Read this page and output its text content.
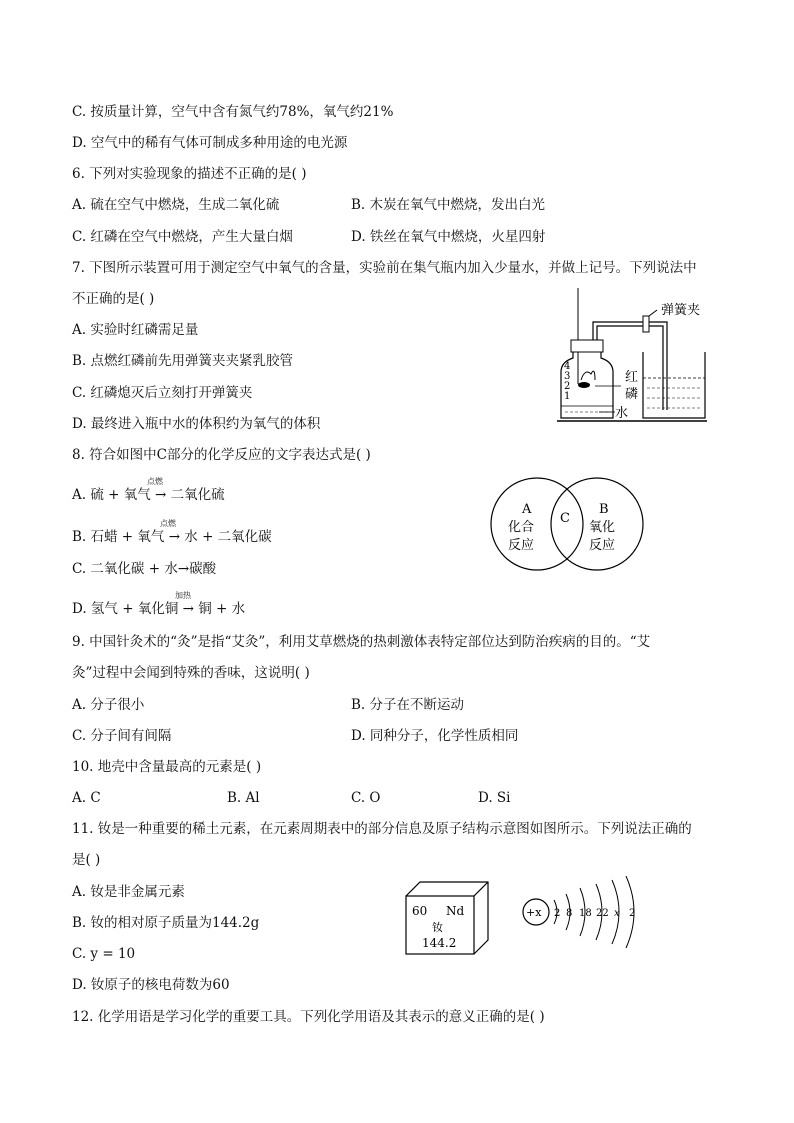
C. 按质量计算，空气中含有氮气约78%，氧气约21%
D. 空气中的稀有气体可制成多种用途的电光源
6. 下列对实验现象的描述不正确的是( )
A. 硫在空气中燃烧，生成二氧化硫	B. 木炭在氧气中燃烧，发出白光
C. 红磷在空气中燃烧，产生大量白烟	D. 铁丝在氧气中燃烧，火星四射
7. 下图所示装置可用于测定空气中氧气的含量，实验前在集气瓶内加入少量水，并做上记号。下列说法中
不正确的是( )
A. 实验时红磷需足量
B. 点燃红磷前先用弹簧夹夹紧乳胶管
C. 红磷熄灭后立刻打开弹簧夹
D. 最终进入瓶中水的体积约为氧气的体积
4
3
2
1
弹簧夹
红
磷
水
8. 符合如图中C部分的化学反应的文字表达式是( )
A. 硫 + 氧气 → 二氧化硫
点燃
B. 石蜡 + 氧气 → 水 + 二氧化碳
点燃
C. 二氧化碳 + 水→碳酸
D. 氢气 + 氧化铜 → 铜 + 水
加热
A
化合
反应
C
B
氧化
反应
9. 中国针灸术的“灸”是指“艾灸”，利用艾草燃烧的热刺激体表特定部位达到防治疾病的目的。“艾
灸”过程中会闻到特殊的香味，这说明( )
A. 分子很小	B. 分子在不断运动
C. 分子间有间隔	D. 同种分子，化学性质相同
10. 地壳中含量最高的元素是( )
A. C	B. Al	C. O	D. Si
11. 钕是一种重要的稀土元素，在元素周期表中的部分信息及原子结构示意图如图所示。下列说法正确的
是( )
A. 钕是非金属元素
B. 钕的相对原子质量为144.2g
C. y = 10
D. 钕原子的核电荷数为60
60 Nd
钕
144.2
+x 2 8 18 22 x 2
12. 化学用语是学习化学的重要工具。下列化学用语及其表示的意义正确的是( )
